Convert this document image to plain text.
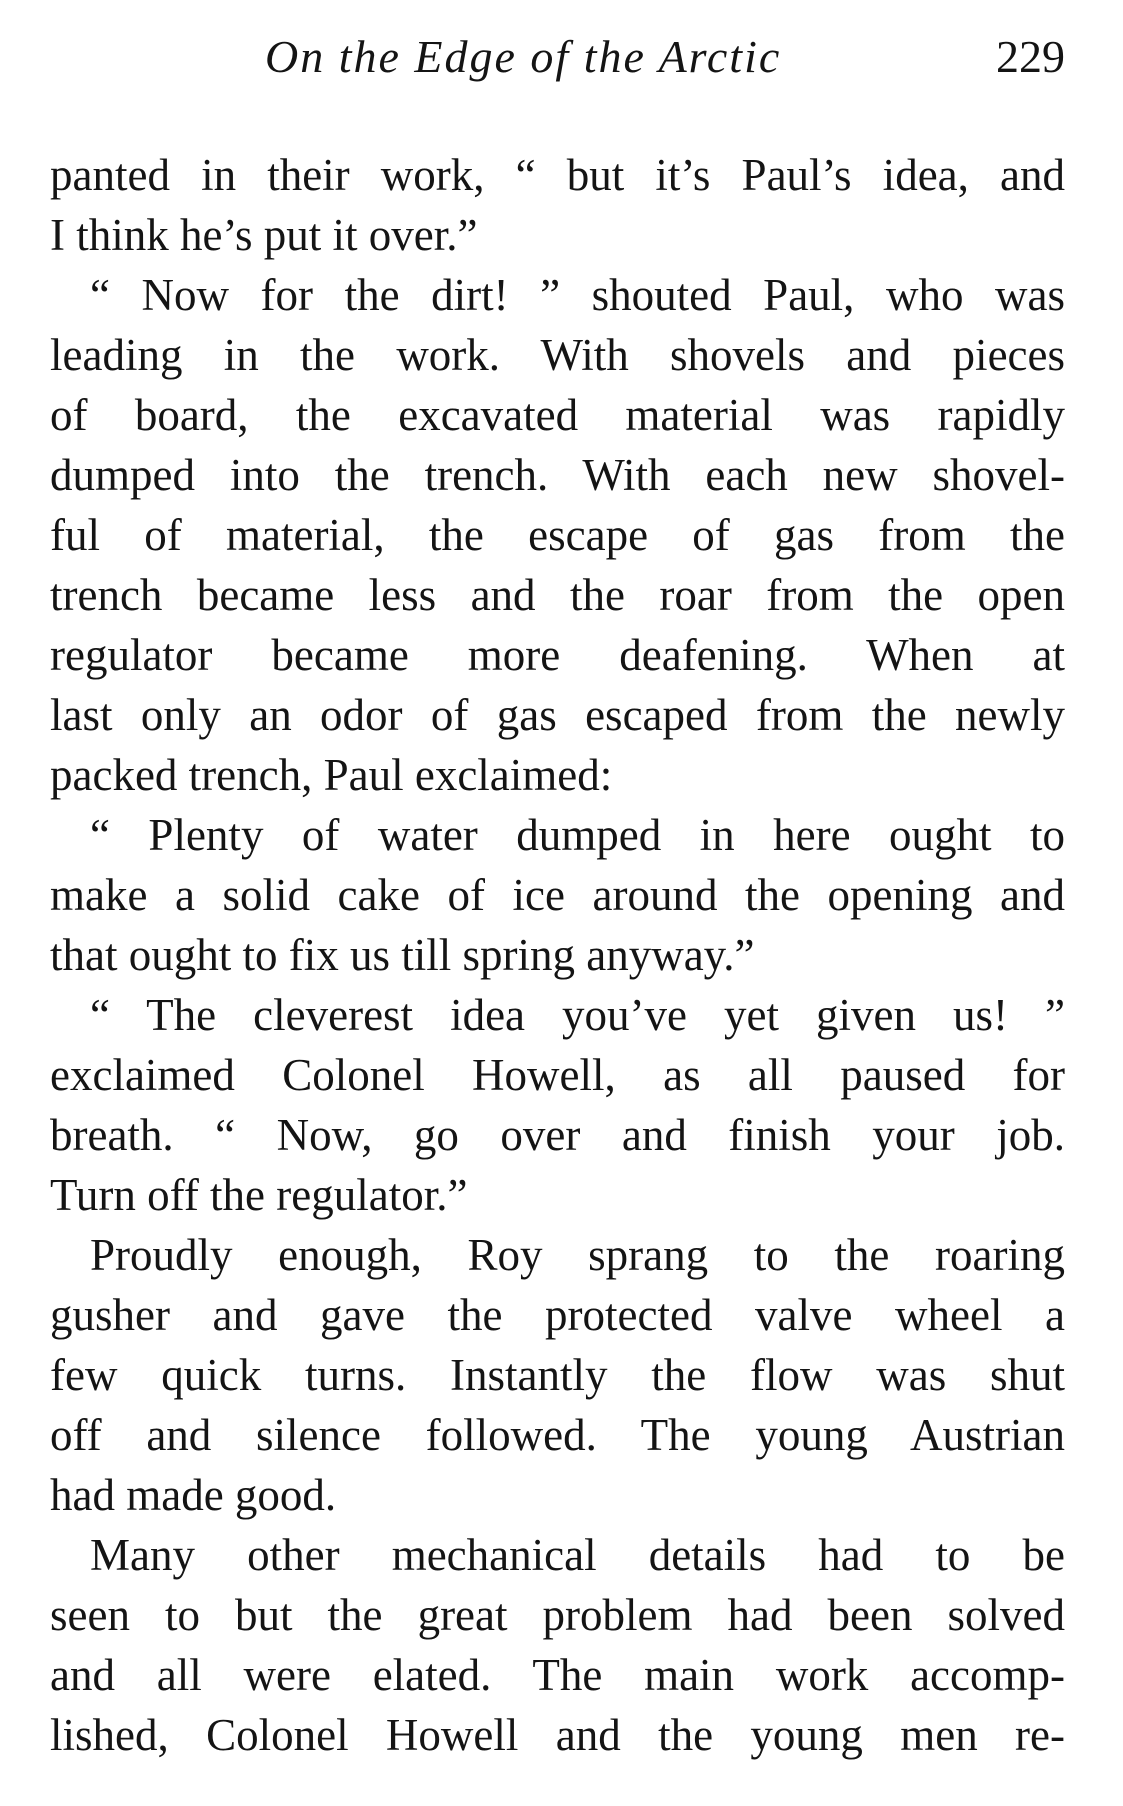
On the Edge of the Arctic	229
panted in their work, “ but it’s Paul’s idea, and
I think he’s put it over.”
“ Now for the dirt! ” shouted Paul, who was
leading in the work. With shovels and pieces
of board, the excavated material was rapidly
dumped into the trench. With each new shovel-
ful of material, the escape of gas from the
trench became less and the roar from the open
regulator became more deafening. When at
last only an odor of gas escaped from the newly
packed trench, Paul exclaimed:
“ Plenty of water dumped in here ought to
make a solid cake of ice around the opening and
that ought to fix us till spring anyway.”
“ The cleverest idea you’ve yet given us! ”
exclaimed Colonel Howell, as all paused for
breath. “ Now, go over and finish your job.
Turn off the regulator.”
Proudly enough, Roy sprang to the roaring
gusher and gave the protected valve wheel a
few quick turns. Instantly the flow was shut
off and silence followed. The young Austrian
had made good.
Many other mechanical details had to be
seen to but the great problem had been solved
and all were elated. The main work accomp-
lished, Colonel Howell and the young men re-
